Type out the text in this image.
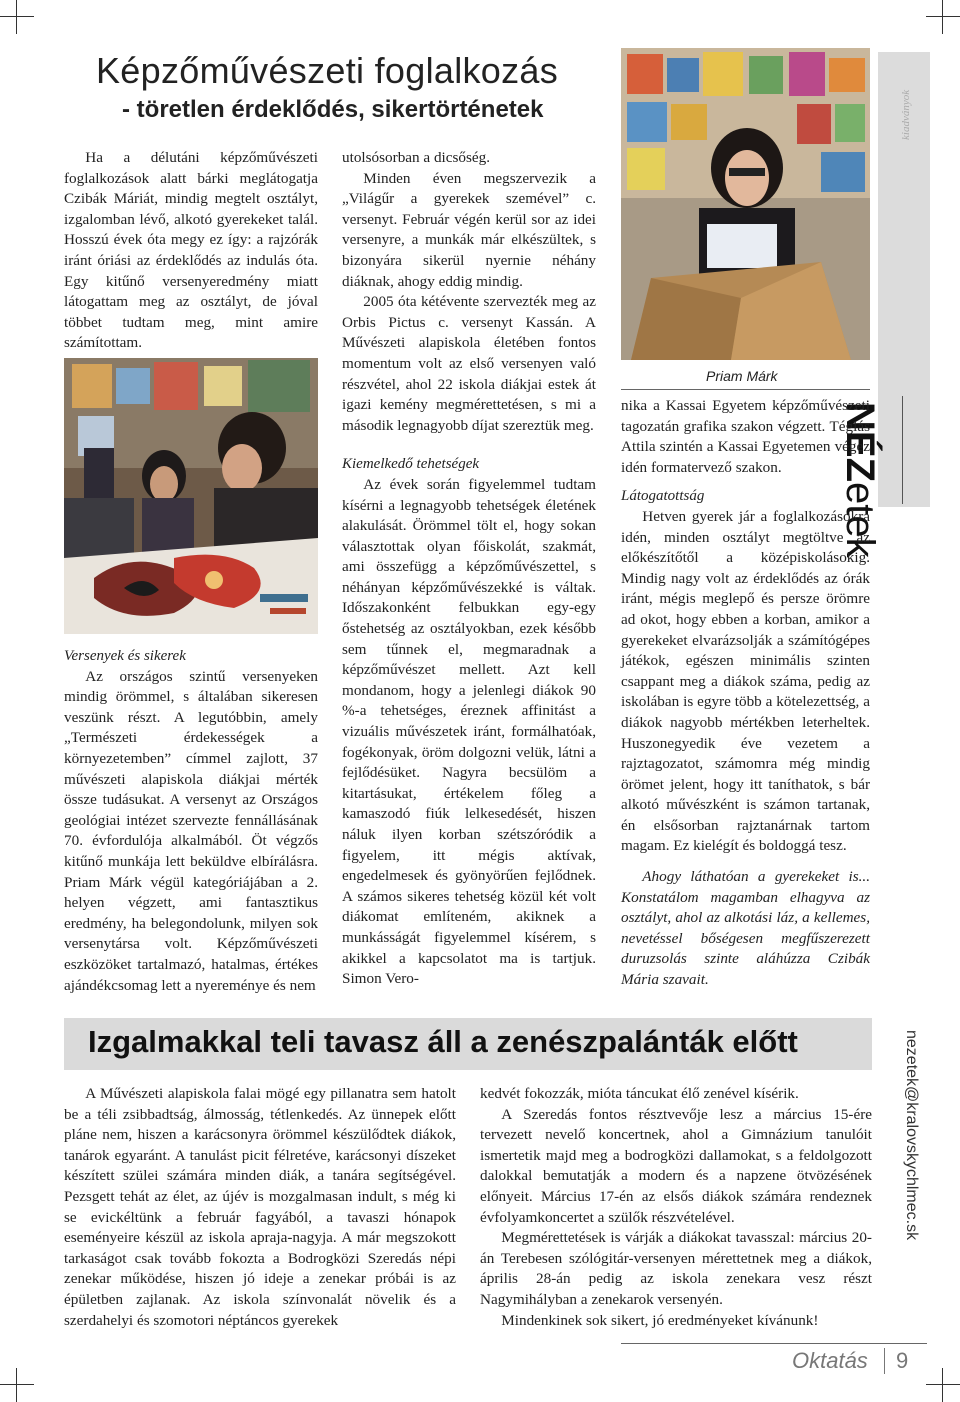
Képzőművészeti foglalkozás
- töretlen érdeklődés, sikertörténetek	kiadványok
NÉZetek
nezetek@kralovskychlmec.sk

Ha a délutáni képzőművészeti foglalkozások alatt bárki meglátogatja Czibák Máriát, mindig megtelt osztályt, izgalomban lévő, alkotó gyerekeket talál. Hosszú évek óta megy ez így: a rajzórák iránt óriási az érdeklődés az indulás óta. Egy kitűnő versenyeredmény miatt látogattam meg az osztályt, de jóval többet tudtam meg, mint amire számítottam.

Versenyek és sikerek

Az országos szintű versenyeken mindig örömmel, s általában sikeresen veszünk részt. A legutóbbin, amely „Természeti érdekességek a környezetemben” címmel zajlott, 37 művészeti alapiskola diákjai mérték össze tudásukat. A versenyt az Országos geológiai intézet szervezte fennállásának 70. évfordulója alkalmából. Öt végzős kitűnő munkája lett beküldve elbírálásra. Priam Márk végül kategóriájában a 2. helyen végzett, ami fantasztikus eredmény, ha belegondolunk, milyen sok versenytársa volt. Képzőművészeti eszközöket tartalmazó, hatalmas, értékes ajándékcsomag lett a nyereménye és nem

utolsósorban a dicsőség.

Minden éven megszervezik a „Világűr a gyerekek szemével” c. versenyt. Február végén kerül sor az idei versenyre, a munkák már elkészültek, s bizonyára sikerül nyernie néhány diáknak, ahogy eddig mindig.

2005 óta kétévente szervezték meg az Orbis Pictus c. versenyt Kassán. A Művészeti alapiskola életében fontos momentum volt az első versenyen való részvétel, ahol 22 iskola diákjai estek át igazi kemény megmérettetésen, s mi a második legnagyobb díjat szereztük meg.

Kiemelkedő tehetségek

Az évek során figyelemmel tudtam kísérni a legnagyobb tehetségek életének alakulását. Örömmel tölt el, hogy sokan választottak olyan főiskolát, szakmát, ami összefügg a képzőművészettel, s néhányan képzőművészekké is váltak. Időszakonként felbukkan egy-egy őstehetség az osztályokban, ezek később sem tűnnek el, megmaradnak a képzőművészet mellett. Azt kell mondanom, hogy a jelenlegi diákok 90 %-a tehetséges, éreznek affinitást a vizuális művészetek iránt, formálhatóak, fogékonyak, öröm dolgozni velük, látni a fejlődésüket. Nagyra becsülöm a kitartásukat, értékelem főleg a kamaszodó fiúk lelkesedését, hiszen náluk ilyen korban szétszóródik a figyelem, itt mégis aktívak, engedelmesek és gyönyörűen fejlődnek. A számos sikeres tehetség közül két volt diákomat említeném, akiknek a munkásságát figyelemmel kísérem, s akikkel a kapcsolatot ma is tartjuk. Simon Vero-

Priam Márk

nika a Kassai Egyetem képzőművészeti tagozatán grafika szakon végzett. Téglás Attila szintén a Kassai Egyetemen végez idén formatervező szakon.

Látogatottság

Hetven gyerek jár a foglalkozásokra idén, minden osztályt megtöltve az előkészítőtől a középiskolásokig. Mindig nagy volt az érdeklődés az órák iránt, mégis meglepő és persze örömre ad okot, hogy ebben a korban, amikor a gyerekeket elvarázsolják a számítógépes játékok, egészen minimális szinten csappant meg a diákok száma, pedig az iskolában is egyre több a kötelezettség, a diákok nagyobb mértékben leterheltek. Huszonegyedik éve vezetem a rajztagozatot, számomra még mindig örömet jelent, hogy itt taníthatok, s bár alkotó művészként is számon tartanak, én elsősorban rajztanárnak tartom magam. Ez kielégít és boldoggá tesz.

Ahogy láthatóan a gyerekeket is... Konstatálom magamban elhagyva az osztályt, ahol az alkotási láz, a kellemes, nevetéssel bőségesen megfűszerezett duruzsolás szinte aláhúzza Czibák Mária szavait.

Izgalmakkal teli tavasz áll a zenészpalánták előtt

A Művészeti alapiskola falai mögé egy pillanatra sem hatolt be a téli zsibbadtság, álmosság, tétlenkedés. Az ünnepek előtt pláne nem, hiszen a karácsonyra örömmel készülődtek diákok, tanárok egyaránt. A tanulást picit félretéve, karácsonyi díszeket készített szülei számára minden diák, a tanára segítségével. Pezsgett tehát az élet, az újév is mozgalmasan indult, s még ki se evickéltünk a február fagyából, a tavaszi hónapok eseményeire készül az iskola apraja-nagyja. A már megszokott tarkaságot csak tovább fokozta a Bodrogközi Szeredás népi zenekar működése, hiszen jó ideje a zenekar próbái is az épületben zajlanak. Az iskola színvonalát növelik és a szerdahelyi és szomotori néptáncos gyerekek

kedvét fokozzák, mióta táncukat élő zenével kísérik.

A Szeredás fontos résztvevője lesz a március 15-ére tervezett nevelő koncertnek, ahol a Gimnázium tanulóit ismertetik majd meg a bodrogközi dallamokat, s a feldolgozott dalokkal bemutatják a modern és a napzene ötvözésének előnyeit. Március 17-én az elsős diákok számára rendeznek évfolyamkoncertet a szülők részvételével.

Megmérettetések is várják a diákokat tavasszal: március 20-án Terebesen szólógitár-versenyen mérettetnek meg a diákok, április 28-án pedig az iskola zenekara vesz részt Nagymihályban a zenekarok versenyén.

Mindenkinek sok sikert, jó eredményeket kívánunk!

Oktatás 9
